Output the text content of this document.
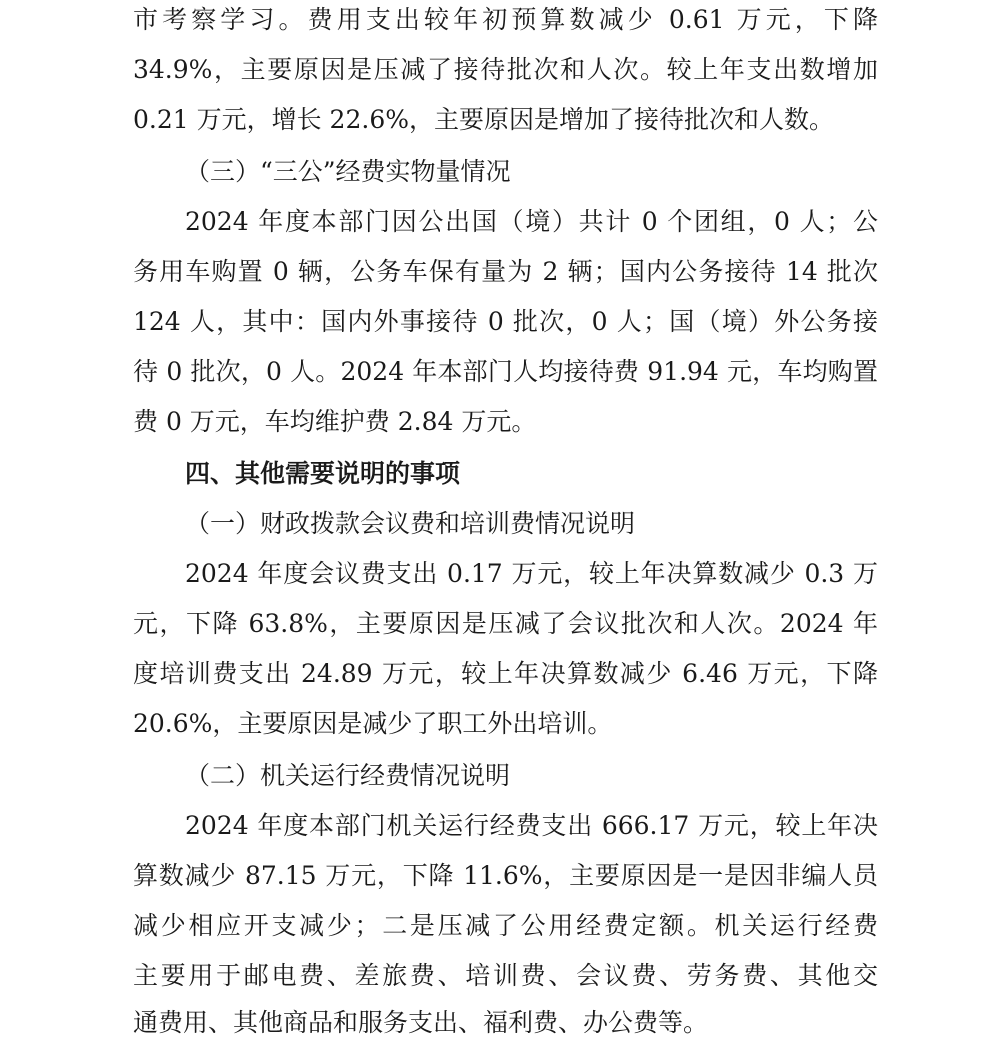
市考察学习。费用支出较年初预算数减少 0.61 万元，下降
34.9%，主要原因是压减了接待批次和人次。较上年支出数增加
0.21 万元，增长 22.6%，主要原因是增加了接待批次和人数。
（三）“三公”经费实物量情况
2024 年度本部门因公出国（境）共计 0 个团组，0 人；公
务用车购置 0 辆，公务车保有量为 2 辆；国内公务接待 14 批次
124 人，其中：国内外事接待 0 批次，0 人；国（境）外公务接
待 0 批次，0 人。2024 年本部门人均接待费 91.94 元，车均购置
费 0 万元，车均维护费 2.84 万元。
四、其他需要说明的事项
（一）财政拨款会议费和培训费情况说明
2024 年度会议费支出 0.17 万元，较上年决算数减少 0.3 万
元，下降 63.8%，主要原因是压减了会议批次和人次。2024 年
度培训费支出 24.89 万元，较上年决算数减少 6.46 万元，下降
20.6%，主要原因是减少了职工外出培训。
（二）机关运行经费情况说明
2024 年度本部门机关运行经费支出 666.17 万元，较上年决
算数减少 87.15 万元，下降 11.6%，主要原因是一是因非编人员
减少相应开支减少；二是压减了公用经费定额。机关运行经费
主要用于邮电费、差旅费、培训费、会议费、劳务费、其他交
通费用、其他商品和服务支出、福利费、办公费等。
